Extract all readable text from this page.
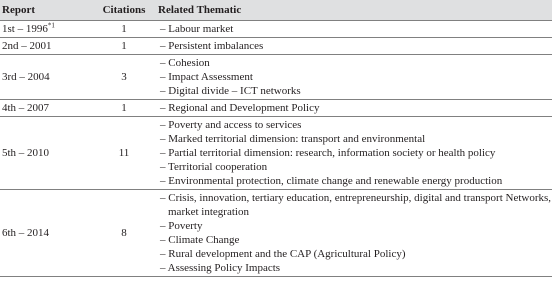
Report	Citations	Related Thematic
1st – 1996$^{*1}$	1	– Labour market

2nd – 2001	1	– Persistent imbalances

3rd – 2004	3	– Cohesion
– Impact Assessment
– Digital divide – ICT networks

4th – 2007	1	– Regional and Development Policy

5th – 2010	11	– Poverty and access to services
– Marked territorial dimension: transport and environmental
– Partial territorial dimension: research, information society or health policy
– Territorial cooperation
– Environmental protection, climate change and renewable energy production

6th – 2014	8	– Crisis, innovation, tertiary education, entrepreneurship, digital and transport Networks, market integration
– Poverty
– Climate Change
– Rural development and the CAP (Agricultural Policy)
– Assessing Policy Impacts
